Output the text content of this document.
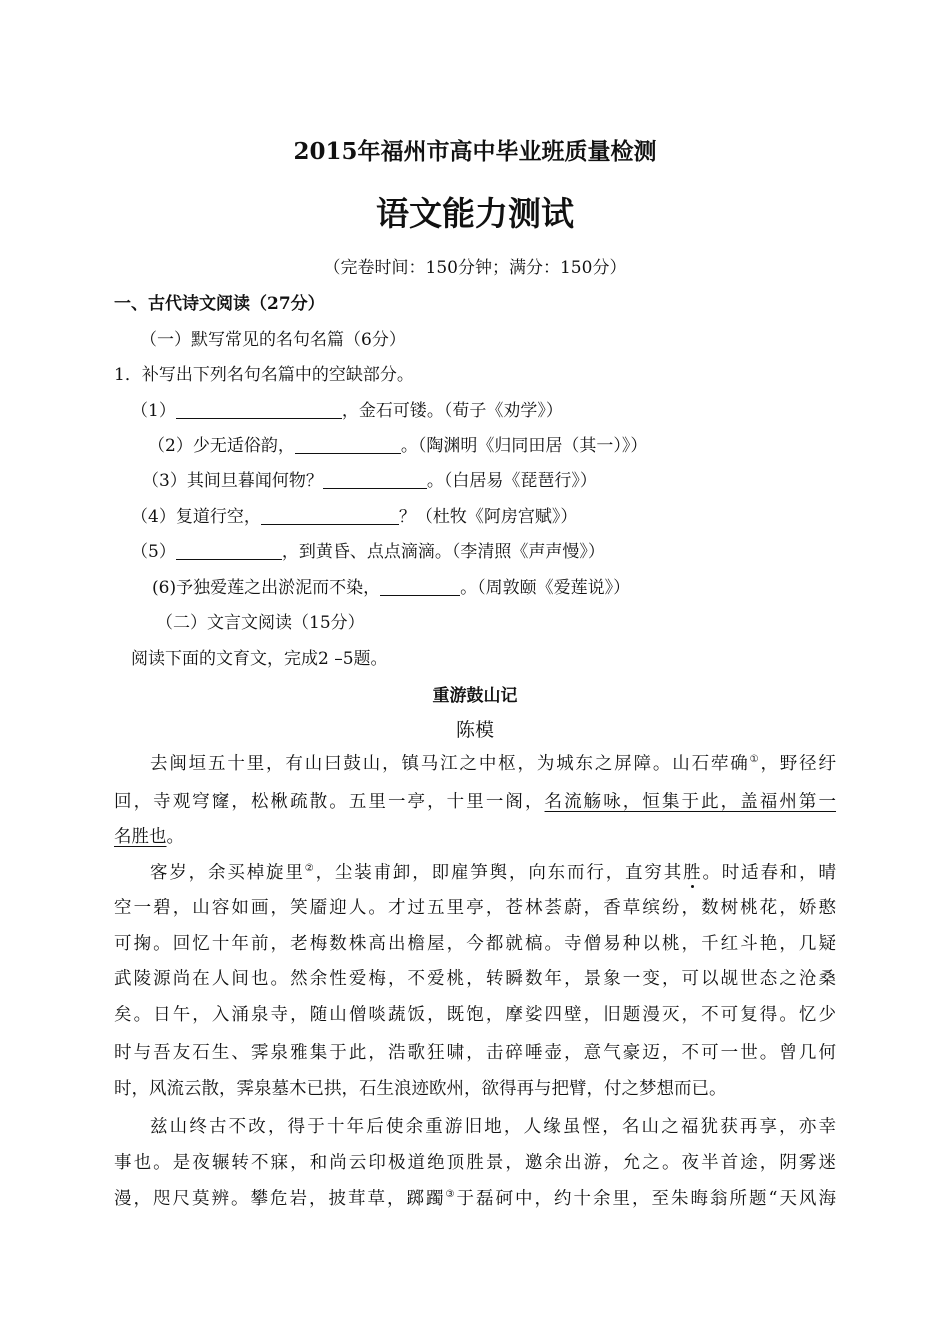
2015年福州市高中毕业班质量检测
语文能力测试
（完卷时间：150分钟；满分：150分）
一、古代诗文阅读（27分）
（一）默写常见的名句名篇（6分）
1．补写出下列名句名篇中的空缺部分。
（1）	，金石可镂。（荀子《劝学》）
（2）少无适俗韵，	。（陶渊明《归同田居（其一）》）
（3）其间旦暮闻何物？	。（白居易《琵琶行》）
（4）复道行空，	？（杜牧《阿房宫赋》）
（5）	，到黄昏、点点滴滴。（李清照《声声慢》）
(6)予独爱莲之出淤泥而不染，	。（周敦颐《爱莲说》）
（二）文言文阅读（15分）
阅读下面的文育文，完成2 –5题。
重游鼓山记
陈模
去闽垣五十里，有山曰鼓山，镇马江之中枢，为城东之屏障。山石荦确①，野径纡
回，寺观穹窿，松楸疏散。五里一亭，十里一阁，名流觞咏，恒集于此，盖福州第一
名胜也。
客岁，余买棹旋里②，尘装甫卸，即雇笋舆，向东而行，直穷其胜。时适春和，晴
空一碧，山容如画，笑靥迎人。才过五里亭，苍林荟蔚，香草缤纷，数树桃花，娇憨
可掬。回忆十年前，老梅数株高出檐屋，今都就槁。寺僧易种以桃，千红斗艳，几疑
武陵源尚在人间也。然余性爱梅，不爱桃，转瞬数年，景象一变，可以觇世态之沧桑
矣。日午，入涌泉寺，随山僧啖蔬饭，既饱，摩娑四壁，旧题漫灭，不可复得。忆少
时与吾友石生、霁泉雅集于此，浩歌狂啸，击碎唾壶，意气豪迈，不可一世。曾几何
时，风流云散，霁泉墓木已拱，石生浪迹欧州，欲得再与把臂，付之梦想而已。
兹山终古不改，得于十年后使余重游旧地，人缘虽悭，名山之福犹获再享，亦幸
事也。是夜辗转不寐，和尚云印极道绝顶胜景，邀余出游，允之。夜半首途，阴雾迷
漫，咫尺莫辨。攀危岩，披茸草，踯躅③于磊砢中，约十余里，至朱晦翁所题“天风海
